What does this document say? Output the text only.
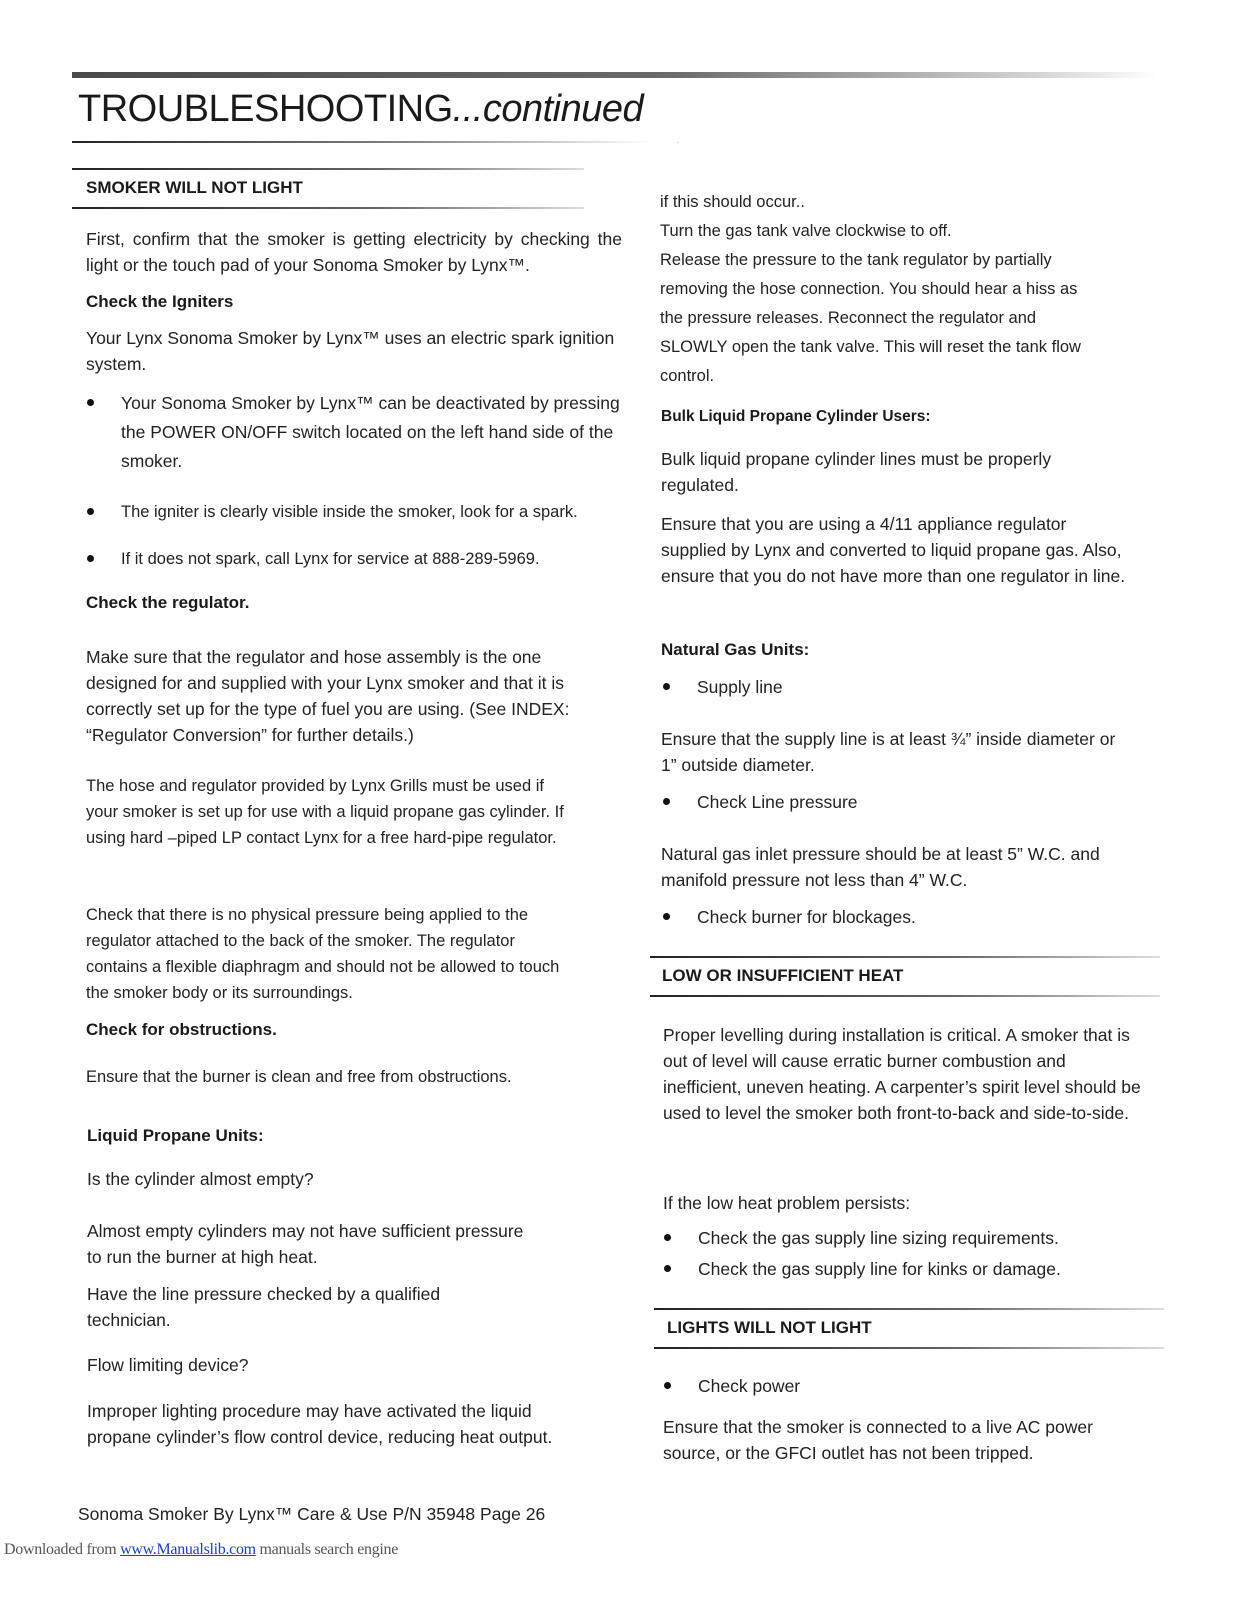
TROUBLESHOOTING...continued
SMOKER WILL NOT LIGHT
First, confirm that the smoker is getting electricity by checking the light or the touch pad of your Sonoma Smoker by Lynx™.
Check the Igniters
Your Lynx Sonoma Smoker by Lynx™ uses an electric spark ignition system.
Your Sonoma Smoker by Lynx™ can be deactivated by pressing the POWER ON/OFF switch located on the left hand side of the smoker.
The igniter is clearly visible inside the smoker, look for a spark.
If it does not spark, call Lynx for service at 888-289-5969.
Check the regulator.
Make sure that the regulator and hose assembly is the one designed for and supplied with your Lynx smoker and that it is correctly set up for the type of fuel you are using. (See INDEX: “Regulator Conversion” for further details.)
The hose and regulator provided by Lynx Grills must be used if your smoker is set up for use with a liquid propane gas cylinder. If using hard –piped LP contact Lynx for a free hard-pipe regulator.
Check that there is no physical pressure being applied to the regulator attached to the back of the smoker. The regulator contains a flexible diaphragm and should not be allowed to touch the smoker body or its surroundings.
Check for obstructions.
Ensure that the burner is clean and free from obstructions.
Liquid Propane Units:
Is the cylinder almost empty?
Almost empty cylinders may not have sufficient pressure to run the burner at high heat.
Have the line pressure checked by a qualified technician.
Flow limiting device?
Improper lighting procedure may have activated the liquid propane cylinder’s flow control device, reducing heat output.
if this should occur..
Turn the gas tank valve clockwise to off.
Release the pressure to the tank regulator by partially
removing the hose connection. You should hear a hiss as
the pressure releases. Reconnect the regulator and
SLOWLY open the tank valve. This will reset the tank flow
control.
Bulk Liquid Propane Cylinder Users:
Bulk liquid propane cylinder lines must be properly regulated.
Ensure that you are using a 4/11 appliance regulator supplied by Lynx and converted to liquid propane gas. Also, ensure that you do not have more than one regulator in line.
Natural Gas Units:
Supply line
Ensure that the supply line is at least ¾” inside diameter or 1” outside diameter.
Check Line pressure
Natural gas inlet pressure should be at least 5” W.C. and manifold pressure not less than 4” W.C.
Check burner for blockages.
LOW OR INSUFFICIENT HEAT
Proper levelling during installation is critical. A smoker that is out of level will cause erratic burner combustion and inefficient, uneven heating. A carpenter’s spirit level should be used to level the smoker both front-to-back and side-to-side.
If the low heat problem persists:
Check the gas supply line sizing requirements.
Check the gas supply line for kinks or damage.
LIGHTS WILL NOT LIGHT
Check power
Ensure that the smoker is connected to a live AC power source, or the GFCI outlet has not been tripped.
Sonoma Smoker By Lynx™ Care & Use P/N 35948 Page 26
Downloaded from www.Manualslib.com manuals search engine
